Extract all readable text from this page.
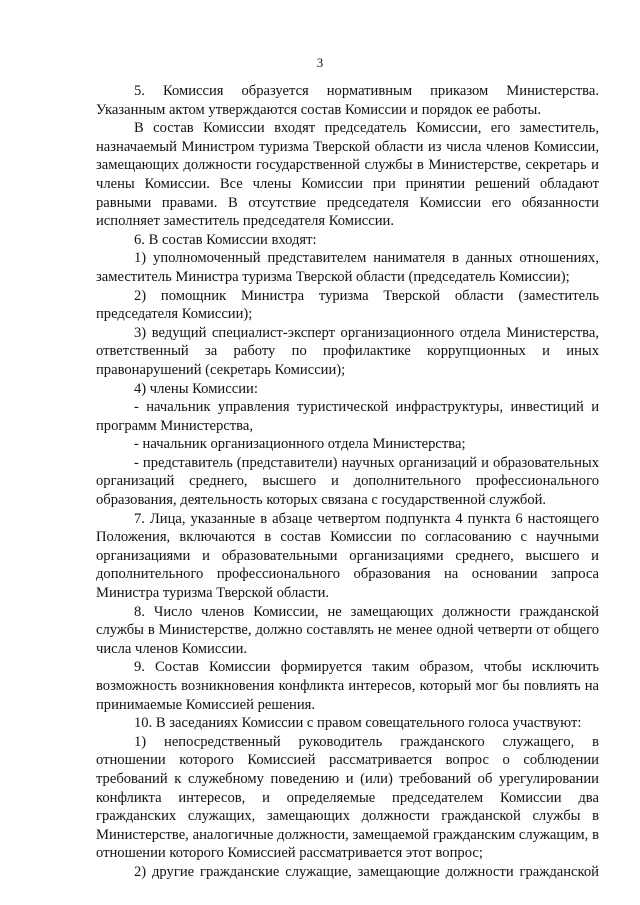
3

5. Комиссия образуется нормативным приказом Министерства. Указанным актом утверждаются состав Комиссии и порядок ее работы.

В состав Комиссии входят председатель Комиссии, его заместитель, назначаемый Министром туризма Тверской области из числа членов Комиссии, замещающих должности государственной службы в Министерстве, секретарь и члены Комиссии. Все члены Комиссии при принятии решений обладают равными правами. В отсутствие председателя Комиссии его обязанности исполняет заместитель председателя Комиссии.

6. В состав Комиссии входят:

1) уполномоченный представителем нанимателя в данных отношениях, заместитель Министра туризма Тверской области (председатель Комиссии);

2) помощник Министра туризма Тверской области (заместитель председателя Комиссии);

3) ведущий специалист-эксперт организационного отдела Министерства, ответственный за работу по профилактике коррупционных и иных правонарушений (секретарь Комиссии);

4) члены Комиссии:

- начальник управления туристической инфраструктуры, инвестиций и программ Министерства,

- начальник организационного отдела Министерства;

- представитель (представители) научных организаций и образовательных организаций среднего, высшего и дополнительного профессионального образования, деятельность которых связана с государственной службой.

7. Лица, указанные в абзаце четвертом подпункта 4 пункта 6 настоящего Положения, включаются в состав Комиссии по согласованию с научными организациями и образовательными организациями среднего, высшего и дополнительного профессионального образования на основании запроса Министра туризма Тверской области.

8. Число членов Комиссии, не замещающих должности гражданской службы в Министерстве, должно составлять не менее одной четверти от общего числа членов Комиссии.

9. Состав Комиссии формируется таким образом, чтобы исключить возможность возникновения конфликта интересов, который мог бы повлиять на принимаемые Комиссией решения.

10. В заседаниях Комиссии с правом совещательного голоса участвуют:

1) непосредственный руководитель гражданского служащего, в отношении которого Комиссией рассматривается вопрос о соблюдении требований к служебному поведению и (или) требований об урегулировании конфликта интересов, и определяемые председателем Комиссии два гражданских служащих, замещающих должности гражданской службы в Министерстве, аналогичные должности, замещаемой гражданским служащим, в отношении которого Комиссией рассматривается этот вопрос;

2) другие гражданские служащие, замещающие должности гражданской
